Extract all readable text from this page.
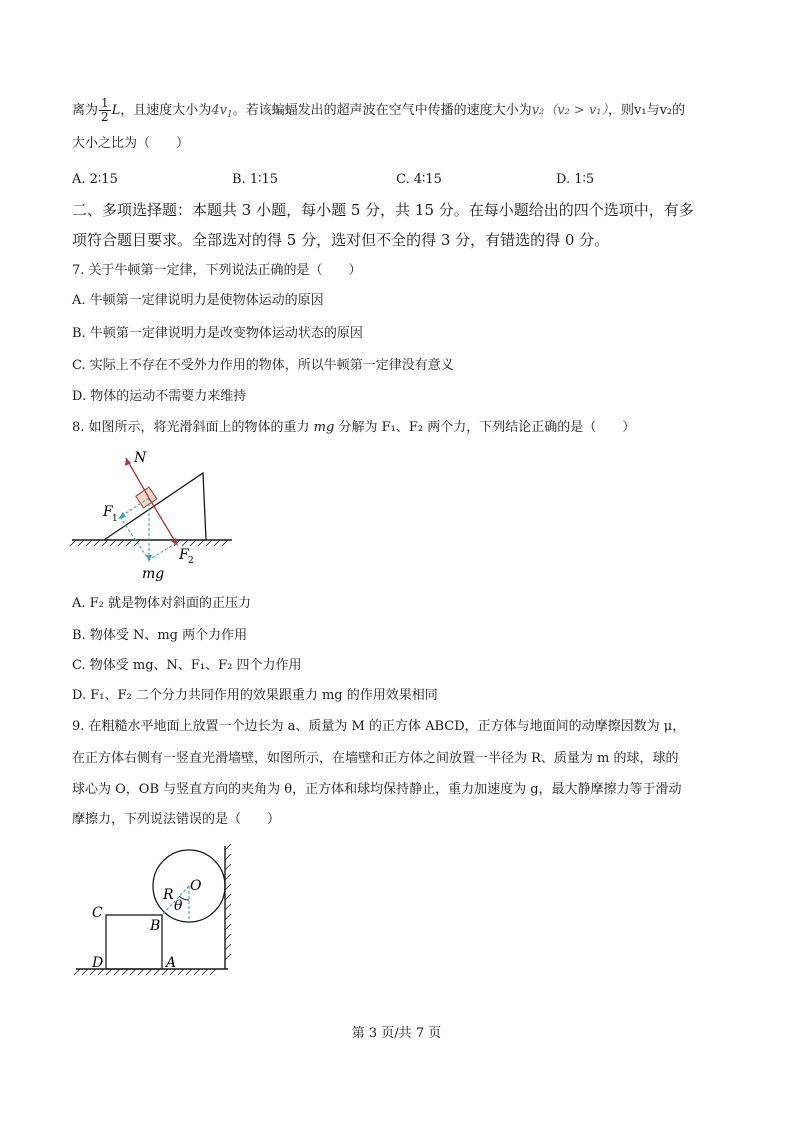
离为 $\frac{1}{2}$ L，且速度大小为$4v_1$。若该蝙蝠发出的超声波在空气中传播的速度大小为v₂（v₂ > v₁），则v₁与v₂的
大小之比为（　　）
A. 2∶15	B. 1∶15	C. 4∶15	D. 1∶5
二、多项选择题：本题共 3 小题，每小题 5 分，共 15 分。在每小题给出的四个选项中，有多
项符合题目要求。全部选对的得 5 分，选对但不全的得 3 分，有错选的得 0 分。
7. 关于牛顿第一定律，下列说法正确的是（　　）
A. 牛顿第一定律说明力是使物体运动的原因
B. 牛顿第一定律说明力是改变物体运动状态的原因
C. 实际上不存在不受外力作用的物体，所以牛顿第一定律没有意义
D. 物体的运动不需要力来维持
8. 如图所示，将光滑斜面上的物体的重力 mg 分解为 F₁、F₂ 两个力，下列结论正确的是（　　）
N
F 1
F 2
mg
A. F₂ 就是物体对斜面的正压力
B. 物体受 N、mg 两个力作用
C. 物体受 mg、N、F₁、F₂ 四个力作用
D. F₁、F₂ 二个分力共同作用的效果跟重力 mg 的作用效果相同
9. 在粗糙水平地面上放置一个边长为 a、质量为 M 的正方体 ABCD，正方体与地面间的动摩擦因数为 μ，
在正方体右侧有一竖直光滑墙壁，如图所示，在墙壁和正方体之间放置一半径为 R、质量为 m 的球，球的
球心为 O，OB 与竖直方向的夹角为 θ，正方体和球均保持静止，重力加速度为 g，最大静摩擦力等于滑动
摩擦力，下列说法错误的是（　　）
C
B
D	A
R
O
θ
第 3 页/共 7 页
